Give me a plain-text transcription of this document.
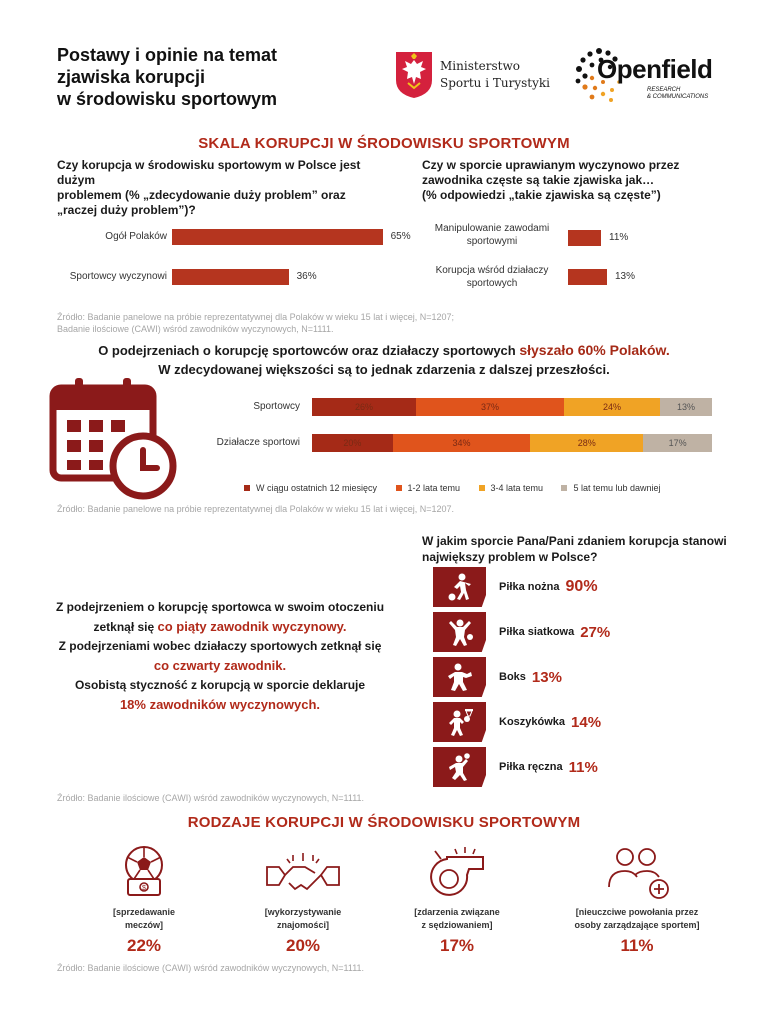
Postawy i opinie na temat
zjawiska korupcji
w środowisku sportowym
Ministerstwo
Sportu i Turystyki Openfield
RESEARCH
& COMMUNICATIONS
SKALA KORUPCJI W ŚRODOWISKU SPORTOWYM
Czy korupcja w środowisku sportowym w Polsce jest dużym
problemem (% „zdecydowanie duży problem” oraz
„raczej duży problem”)?
Czy w sporcie uprawianym wyczynowo przez
zawodnika częste są takie zjawiska jak…
(% odpowiedzi „takie zjawiska są częste”)
Ogół Polaków	65%
Sportowcy wyczynowi	36%
Manipulowanie zawodami
sportowymi	11%
Korupcja wśród działaczy
sportowych
13%
Źródło: Badanie panelowe na próbie reprezentatywnej dla Polaków w wieku 15 lat i więcej, N=1207;
Badanie ilościowe (CAWI) wśród zawodników wyczynowych, N=1111.
O podejrzeniach o korupcję sportowców oraz działaczy sportowych słyszało 60% Polaków.
W zdecydowanej większości są to jednak zdarzenia z dalszej przeszłości.
Sportowcy	26%	37%	24%	13%
Działacze sportowi	20%	34%	28%	17%
W ciągu ostatnich 12 miesięcy
	1-2 lata temu
	3-4 lata temu
	5 lat temu lub dawniej
Źródło: Badanie panelowe na próbie reprezentatywnej dla Polaków w wieku 15 lat i więcej, N=1207.
Z podejrzeniem o korupcję sportowca w swoim otoczeniu
zetknął się co piąty zawodnik wyczynowy.
Z podejrzeniami wobec działaczy sportowych zetknął się
co czwarty zawodnik.
Osobistą styczność z korupcją w sporcie deklaruje
18% zawodników wyczynowych.
W jakim sporcie Pana/Pani zdaniem korupcja stanowi
największy problem w Polsce?
Piłka nożna 90%
Piłka siatkowa 27%
Boks 13%
Koszykówka 14%
Piłka ręczna 11%
Źródło: Badanie ilościowe (CAWI) wśród zawodników wyczynowych, N=1111.
RODZAJE KORUPCJI W ŚRODOWISKU SPORTOWYM
$
[sprzedawanie
meczów]
22%
[wykorzystywanie
znajomości]
20%
[zdarzenia związane
z sędziowaniem]
17%
[nieuczciwe powołania przez
osoby zarządzające sportem]
11%
Źródło: Badanie ilościowe (CAWI) wśród zawodników wyczynowych, N=1111.
